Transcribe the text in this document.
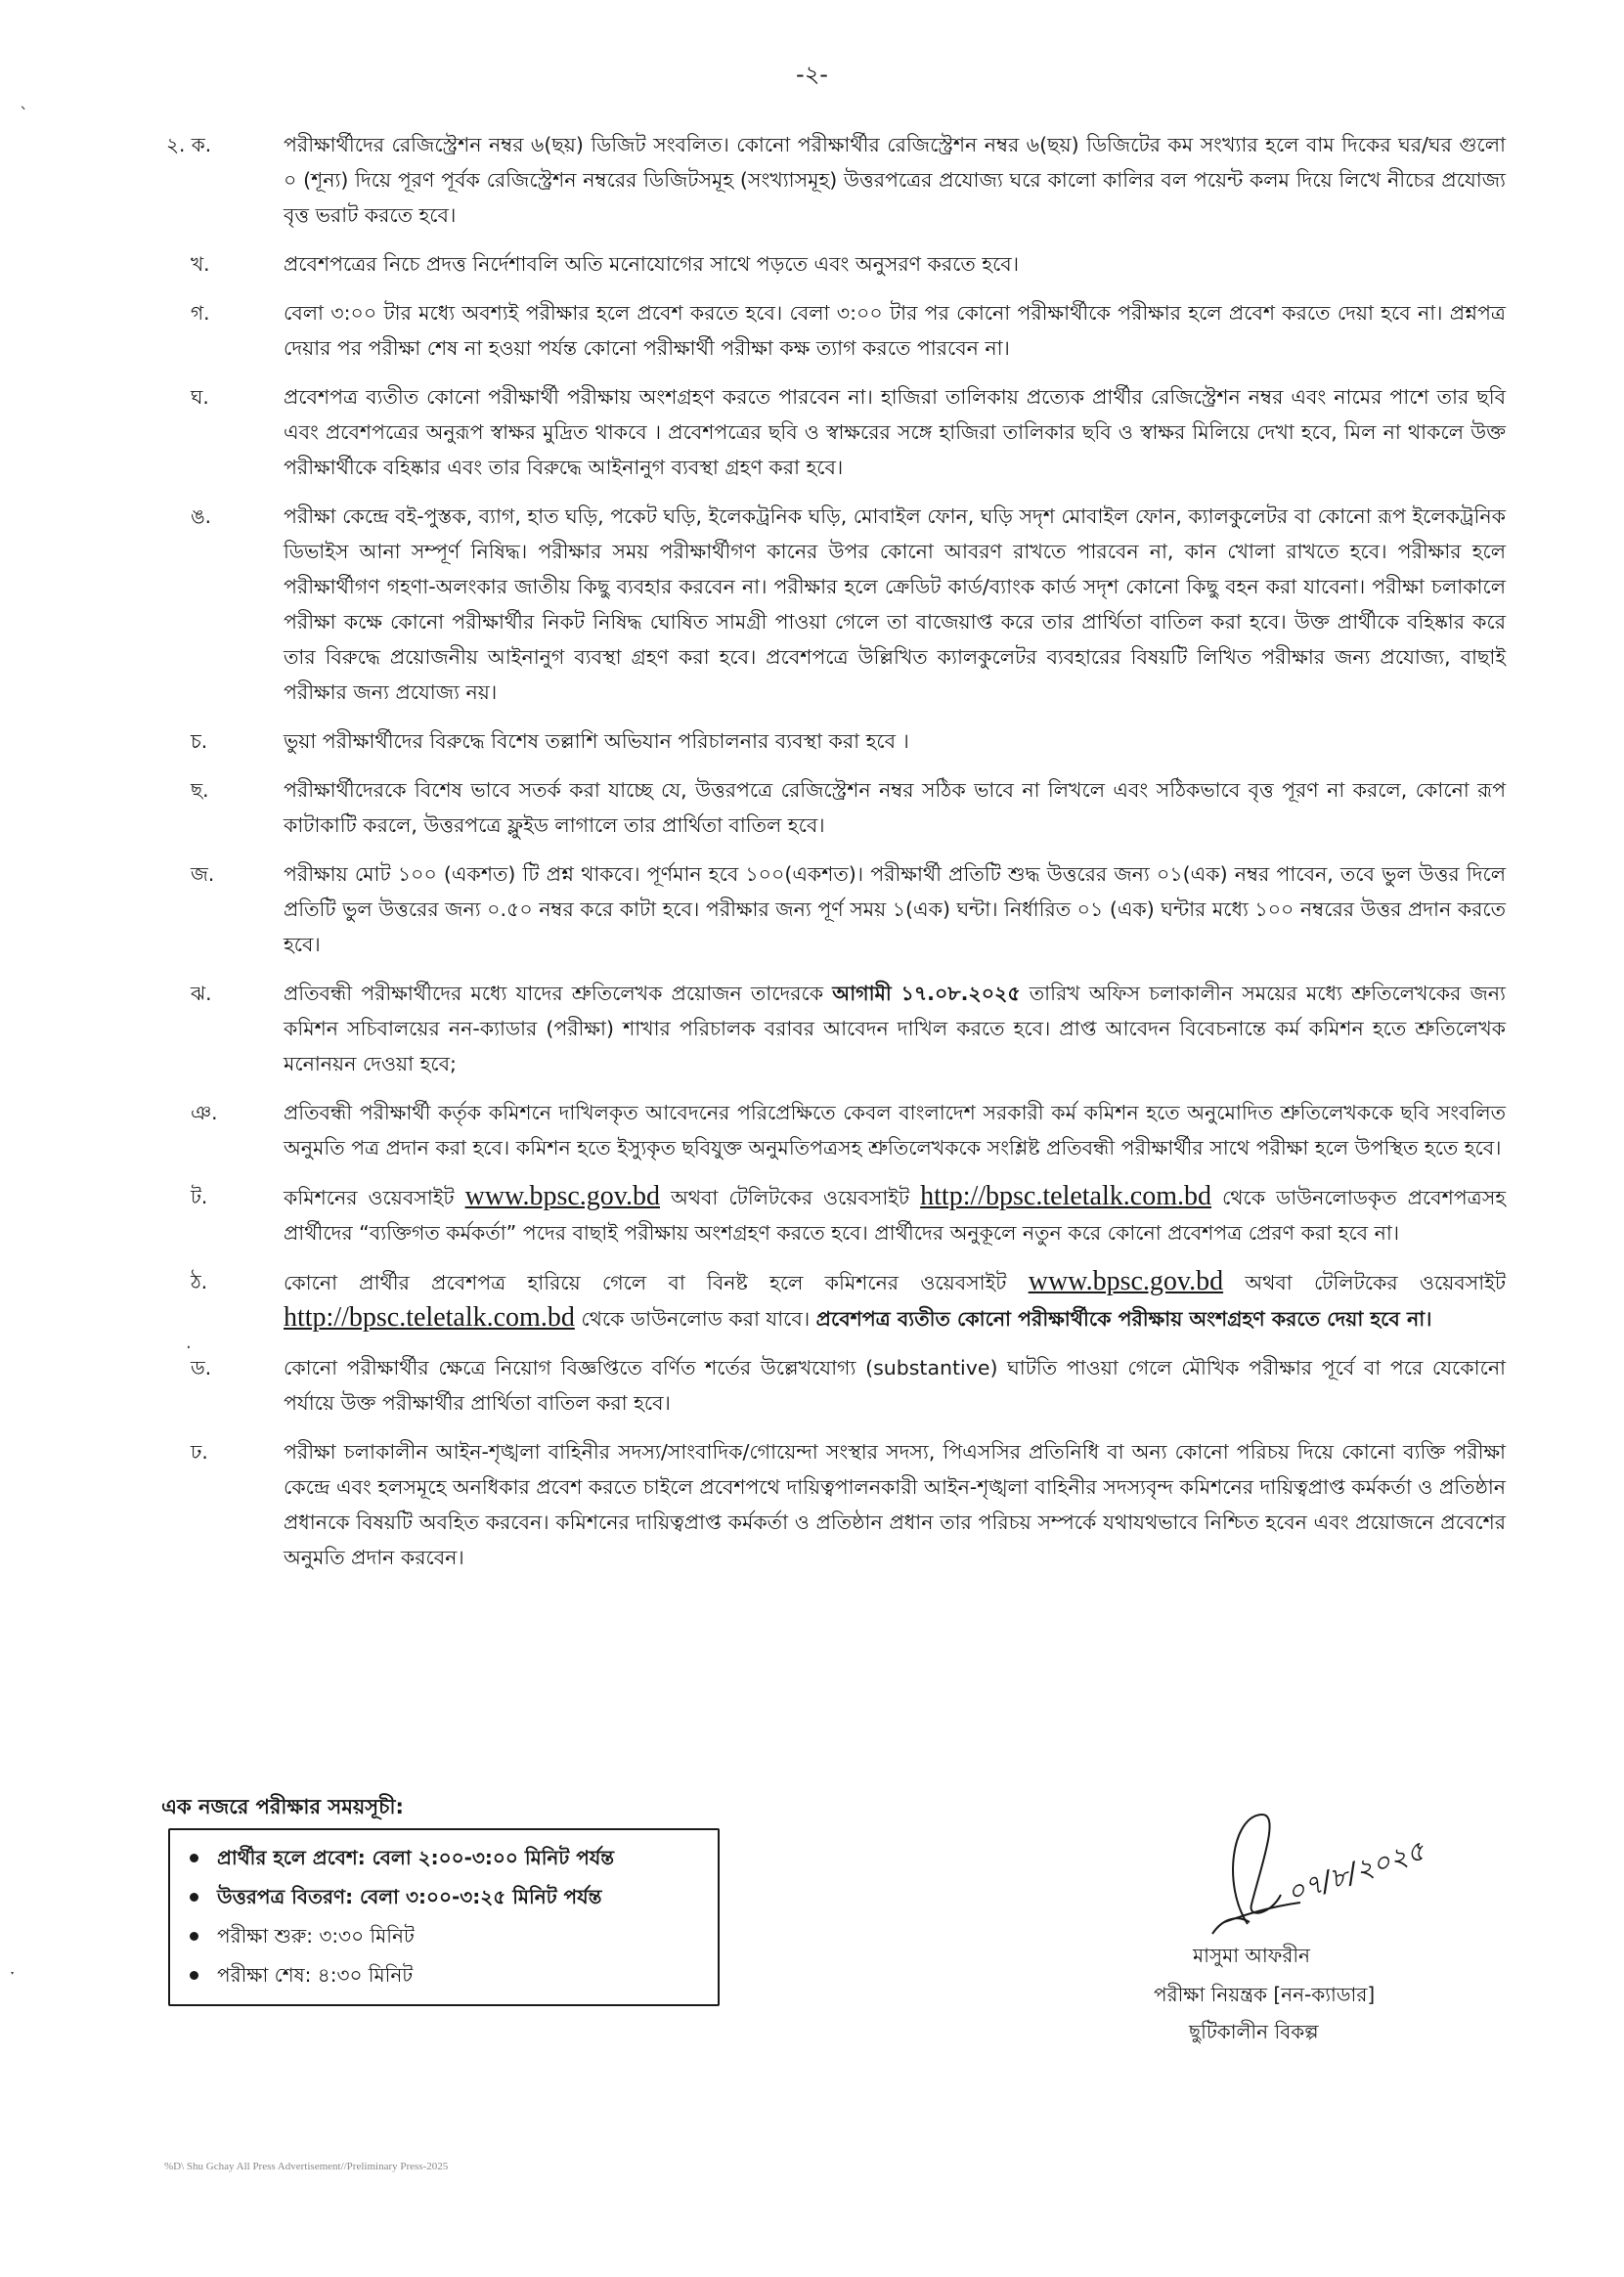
-২-
২. ক.	পরীক্ষার্থীদের রেজিস্ট্রেশন নম্বর ৬(ছয়) ডিজিট সংবলিত। কোনো পরীক্ষার্থীর রেজিস্ট্রেশন নম্বর ৬(ছয়) ডিজিটের কম সংখ্যার হলে বাম দিকের ঘর/ঘর গুলো ০ (শূন্য) দিয়ে পূরণ পূর্বক রেজিস্ট্রেশন নম্বরের ডিজিটসমূহ (সংখ্যাসমূহ) উত্তরপত্রের প্রযোজ্য ঘরে কালো কালির বল পয়েন্ট কলম দিয়ে লিখে নীচের প্রযোজ্য বৃত্ত ভরাট করতে হবে।
খ.	প্রবেশপত্রের নিচে প্রদত্ত নির্দেশাবলি অতি মনোযোগের সাথে পড়তে এবং অনুসরণ করতে হবে।
গ.	বেলা ৩:০০ টার মধ্যে অবশ্যই পরীক্ষার হলে প্রবেশ করতে হবে। বেলা ৩:০০ টার পর কোনো পরীক্ষার্থীকে পরীক্ষার হলে প্রবেশ করতে দেয়া হবে না। প্রশ্নপত্র দেয়ার পর পরীক্ষা শেষ না হওয়া পর্যন্ত কোনো পরীক্ষার্থী পরীক্ষা কক্ষ ত্যাগ করতে পারবেন না।
ঘ.	প্রবেশপত্র ব্যতীত কোনো পরীক্ষার্থী পরীক্ষায় অংশগ্রহণ করতে পারবেন না। হাজিরা তালিকায় প্রত্যেক প্রার্থীর রেজিস্ট্রেশন নম্বর এবং নামের পাশে তার ছবি এবং প্রবেশপত্রের অনুরূপ স্বাক্ষর মুদ্রিত থাকবে । প্রবেশপত্রের ছবি ও স্বাক্ষরের সঙ্গে হাজিরা তালিকার ছবি ও স্বাক্ষর মিলিয়ে দেখা হবে, মিল না থাকলে উক্ত পরীক্ষার্থীকে বহিষ্কার এবং তার বিরুদ্ধে আইনানুগ ব্যবস্থা গ্রহণ করা হবে।
ঙ.	পরীক্ষা কেন্দ্রে বই-পুস্তক, ব্যাগ, হাত ঘড়ি, পকেট ঘড়ি, ইলেকট্রনিক ঘড়ি, মোবাইল ফোন, ঘড়ি সদৃশ মোবাইল ফোন, ক্যালকুলেটর বা কোনো রূপ ইলেকট্রনিক ডিভাইস আনা সম্পূর্ণ নিষিদ্ধ। পরীক্ষার সময় পরীক্ষার্থীগণ কানের উপর কোনো আবরণ রাখতে পারবেন না, কান খোলা রাখতে হবে। পরীক্ষার হলে পরীক্ষার্থীগণ গহণা-অলংকার জাতীয় কিছু ব্যবহার করবেন না। পরীক্ষার হলে ক্রেডিট কার্ড/ব্যাংক কার্ড সদৃশ কোনো কিছু বহন করা যাবেনা। পরীক্ষা চলাকালে পরীক্ষা কক্ষে কোনো পরীক্ষার্থীর নিকট নিষিদ্ধ ঘোষিত সামগ্রী পাওয়া গেলে তা বাজেয়াপ্ত করে তার প্রার্থিতা বাতিল করা হবে। উক্ত প্রার্থীকে বহিষ্কার করে তার বিরুদ্ধে প্রয়োজনীয় আইনানুগ ব্যবস্থা গ্রহণ করা হবে। প্রবেশপত্রে উল্লিখিত ক্যালকুলেটর ব্যবহারের বিষয়টি লিখিত পরীক্ষার জন্য প্রযোজ্য, বাছাই পরীক্ষার জন্য প্রযোজ্য নয়।
চ.	ভুয়া পরীক্ষার্থীদের বিরুদ্ধে বিশেষ তল্লাশি অভিযান পরিচালনার ব্যবস্থা করা হবে ।
ছ.	পরীক্ষার্থীদেরকে বিশেষ ভাবে সতর্ক করা যাচ্ছে যে, উত্তরপত্রে রেজিস্ট্রেশন নম্বর সঠিক ভাবে না লিখলে এবং সঠিকভাবে বৃত্ত পূরণ না করলে, কোনো রূপ কাটাকাটি করলে, উত্তরপত্রে ফ্লুইড লাগালে তার প্রার্থিতা বাতিল হবে।
জ.	পরীক্ষায় মোট ১০০ (একশত) টি প্রশ্ন থাকবে। পূর্ণমান হবে ১০০(একশত)। পরীক্ষার্থী প্রতিটি শুদ্ধ উত্তরের জন্য ০১(এক) নম্বর পাবেন, তবে ভুল উত্তর দিলে প্রতিটি ভুল উত্তরের জন্য ০.৫০ নম্বর করে কাটা হবে। পরীক্ষার জন্য পূর্ণ সময় ১(এক) ঘন্টা। নির্ধারিত ০১ (এক) ঘন্টার মধ্যে ১০০ নম্বরের উত্তর প্রদান করতে হবে।
ঝ.	প্রতিবন্ধী পরীক্ষার্থীদের মধ্যে যাদের শ্রুতিলেখক প্রয়োজন তাদেরকে আগামী ১৭.০৮.২০২৫ তারিখ অফিস চলাকালীন সময়ের মধ্যে শ্রুতিলেখকের জন্য কমিশন সচিবালয়ের নন-ক্যাডার (পরীক্ষা) শাখার পরিচালক বরাবর আবেদন দাখিল করতে হবে। প্রাপ্ত আবেদন বিবেচনান্তে কর্ম কমিশন হতে শ্রুতিলেখক মনোনয়ন দেওয়া হবে;
ঞ.	প্রতিবন্ধী পরীক্ষার্থী কর্তৃক কমিশনে দাখিলকৃত আবেদনের পরিপ্রেক্ষিতে কেবল বাংলাদেশ সরকারী কর্ম কমিশন হতে অনুমোদিত শ্রুতিলেখককে ছবি সংবলিত অনুমতি পত্র প্রদান করা হবে। কমিশন হতে ইস্যুকৃত ছবিযুক্ত অনুমতিপত্রসহ শ্রুতিলেখককে সংশ্লিষ্ট প্রতিবন্ধী পরীক্ষার্থীর সাথে পরীক্ষা হলে উপস্থিত হতে হবে।
ট.	কমিশনের ওয়েবসাইট www.bpsc.gov.bd অথবা টেলিটকের ওয়েবসাইট http://bpsc.teletalk.com.bd থেকে ডাউনলোডকৃত প্রবেশপত্রসহ প্রার্থীদের “ব্যক্তিগত কর্মকর্তা” পদের বাছাই পরীক্ষায় অংশগ্রহণ করতে হবে। প্রার্থীদের অনুকূলে নতুন করে কোনো প্রবেশপত্র প্রেরণ করা হবে না।
ঠ.	কোনো প্রার্থীর প্রবেশপত্র হারিয়ে গেলে বা বিনষ্ট হলে কমিশনের ওয়েবসাইট www.bpsc.gov.bd অথবা টেলিটকের ওয়েবসাইট http://bpsc.teletalk.com.bd থেকে ডাউনলোড করা যাবে। প্রবেশপত্র ব্যতীত কোনো পরীক্ষার্থীকে পরীক্ষায় অংশগ্রহণ করতে দেয়া হবে না।
ড.	কোনো পরীক্ষার্থীর ক্ষেত্রে নিয়োগ বিজ্ঞপ্তিতে বর্ণিত শর্তের উল্লেখযোগ্য (substantive) ঘাটতি পাওয়া গেলে মৌখিক পরীক্ষার পূর্বে বা পরে যেকোনো পর্যায়ে উক্ত পরীক্ষার্থীর প্রার্থিতা বাতিল করা হবে।
ঢ.	পরীক্ষা চলাকালীন আইন-শৃঙ্খলা বাহিনীর সদস্য/সাংবাদিক/গোয়েন্দা সংস্থার সদস্য, পিএসসির প্রতিনিধি বা অন্য কোনো পরিচয় দিয়ে কোনো ব্যক্তি পরীক্ষা কেন্দ্রে এবং হলসমূহে অনধিকার প্রবেশ করতে চাইলে প্রবেশপথে দায়িত্বপালনকারী আইন-শৃঙ্খলা বাহিনীর সদস্যবৃন্দ কমিশনের দায়িত্বপ্রাপ্ত কর্মকর্তা ও প্রতিষ্ঠান প্রধানকে বিষয়টি অবহিত করবেন। কমিশনের দায়িত্বপ্রাপ্ত কর্মকর্তা ও প্রতিষ্ঠান প্রধান তার পরিচয় সম্পর্কে যথাযথভাবে নিশ্চিত হবেন এবং প্রয়োজনে প্রবেশের অনুমতি প্রদান করবেন।
এক নজরে পরীক্ষার সময়সূচী:
প্রার্থীর হলে প্রবেশ: বেলা ২:০০-৩:০০ মিনিট পর্যন্ত
উত্তরপত্র বিতরণ: বেলা ৩:০০-৩:২৫ মিনিট পর্যন্ত
পরীক্ষা শুরু: ৩:৩০ মিনিট
পরীক্ষা শেষ: ৪:৩০ মিনিট
০৭/৮/২০২৫
মাসুমা আফরীন
পরীক্ষা নিয়ন্ত্রক [নন-ক্যাডার]
ছুটিকালীন বিকল্প
%D\ Shu Gchay All Press Advertisement//Preliminary Press-2025
ˎ
·
ˑ
